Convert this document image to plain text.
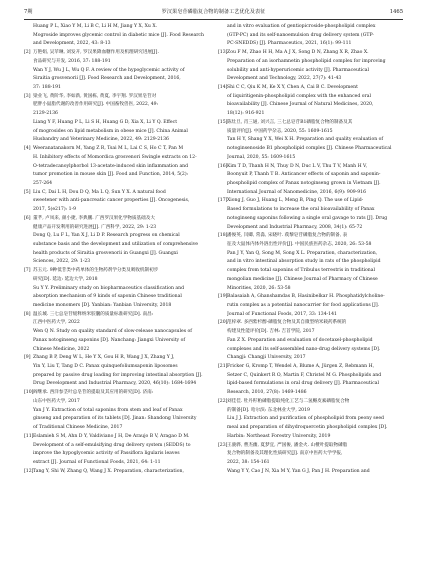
7期	罗汉果皂苷磷脂复合物的制备工艺优化及表征	1465
Huang P L, Xiao Y M, Li B C, Li H M, Jiang Y X, Xu X.
Mogroside improves glycemic control in diabetic mice [J]. Food Research
and Development, 2022, 43: 8-13
[2] 万艳娟, 吴苹琳, 刘发开, 罗汉果降血糖作用及机理研究进展[J].
食品研究与开发, 2016, 37: 188-191
Wan Y J, Wu J L, Wu Q F. A review of the hypoglycemic activity of
Siraitia grosvenorii [J]. Food Research and Development, 2016,
37: 188-191
[3] 梁业飞, 黄阶华, 李如新, 黄国栋, 黄夏, 李宇翔. 罗汉果皂苷对
肥胖小鼠脂代谢的改善作用研究[J]. 中国畜牧兽医, 2022, 49:
2129-2136
Liang Y F, Huang P L, Li S H, Huang G D, Xia X, Li Y Q. Effect
of mogrosides on lipid metabolism in obese mice [J]. China Animal
Husbandry and Veterinary Medicine, 2022, 49: 2129-2136
[4] Weeranatanakorn M, Yang Z R, Tsai M L, Lai C S, Ho C T, Pan M
H. Inhibitory effects of Momordica grosvenori Swingle extracts on 12-
O-tetradecanoylphorbol 13-acetate-induced skin inflammation and
tumor promotion in mouse skin [J]. Food and Function, 2014, 5(2):
257-264
[5] Liu C, Dai L H, Dou D Q, Ma L Q, Sun Y X. A natural food
sweetener with anti-pancreatic cancer properties [J]. Oncogenesis,
2017, 5(e217): 1-9
[6] 董芊, 卢凤来, 颜小捷, 李典鹏. 广西罗汉果化学物质基础及大
健康产品开发利用的研究进展[J]. 广西科学, 2022, 29: 1-23
Dong Q, Lu F L, Yan X J, Li D P. Research progress on chemical
substance basis and the development and utilization of comprehensive
health products of Siraitia grosvenorii in Guangxi [J]. Guangxi
Sciences, 2022, 29: 1-23
[7] 苏玉元. 9种低苷类中药单体的生物药剂学分类及吸收机制初步
研究[D]. 延边: 延边大学, 2018
Su Y Y. Preliminary study on biopharmaceutics classification and
absorption mechanism of 9 kinds of saponin Chinese traditional
medicine monomers [D]. Yanbian: Yanbian University, 2018
[8] 温长城. 三七总皂苷缓释纳米胶囊的质量标准研究[D]. 南昌:
江西中医药大学, 2022
Wen Q N. Study on quality standard of slow-release nanocapsules of
Panax notoginseng saponins [D]. Nanchang: Jiangxi University of
Chinese Medicine, 2022
[9] Zhang B P, Deng W L, He Y X, Gou H R, Wang J X, Zhang Y J,
Yin Y, Liu T, Tang D C. Panax quinquefoliumsaponin liposomes
prepared by passive drug loading for improving intestinal absorption [J].
Drug Development and Industrial Pharmacy, 2020, 46(10): 1684-1694
[10] 阎继承. 西洋参茎叶总皂苷的提取及其应用的研究[D]. 济南:
山东中医药大学, 2017
Yan J Y. Extraction of total saponins from stem and leaf of Panax
ginseng and preparation of its tablets [D]. Jinan: Shandong University
of Traditional Chinese Medicine, 2017
[11] Eslamieh S M, Ahn D Y, Valdiviano J H, De Araujo B V, Aragao D M.
Development of a self-emulsifying drug delivery system (SEDDS) to
improve the hypoglycemic activity of Passiflora ligularis leaves
extract [J]. Journal of Functional Foods, 2021, 64: 1-11
[12] Tang Y, Shi W, Zhang Q, Wang J X. Preparation, characterization,
and in vitro evaluation of gentiopicroside-phospholipid complex
(GTP-PC) and its self-nanoemulsion drug delivery system (GTP-
PC-SNEDDS) [J]. Pharmaceutics, 2021, 16(1): 99-111
[13] Zou F M, Zhao H H, Ma A J X, Song D N, Zhang X R, Zhao X.
Preparation of an isorhamnetin phospholipid complex for improving
solubility and anti-hyperuricemic activity [J]. Pharmaceutical
Development and Technology, 2022, 27(7): 41-43
[14] Shi C C, Qiu K M, Ke X Y, Chen A, Cai B C. Development
of liquiritigenin-phospholipid complex with the enhanced oral
bioavailability [J]. Chinese Journal of Natural Medicines, 2020,
18(12): 916-921
[15] 陈灶旦, 肖三通, 刘兴言, 三七总皂苷B1磷脂复合物的制备及其
质量评价[J]. 中国药学杂志, 2020, 55: 1609-1615
Tan H Y, Shang Y X, Wei X H. Preparation and quality evaluation of
notoginsenoside B1 phospholipid complex [J]. Chinese Pharmaceutical
Journal, 2020, 55: 1609-1615
[16] Kim T D, Thanh H N, Thuy D N, Duc L V, Thu T V, Manh H V,
Boonyuit P, Thanh T B. Anticancer effects of saponin and saponin-
phospholipid complex of Panax notoginseng grown in Vietnam [J].
International Journal of Nanomedicine, 2016, 6(9): 909-916
[17] Xiong J, Guo J, Huang L, Meng B, Ping Q. The use of Lipid-
Based formulations to increase the oral bioavailability of Panax
notoginseng saponins following a single oral gavage to rats [J]. Drug
Development and Industrial Pharmacy, 2008, 34(1): 65-72
[18] 潘俊英, 闫卿, 常淼, 宋晓叶. 蒺藜皂苷磷脂复合物的制备, 表
征及大鼠体内体外溶出性评价[J]. 中国民族医药杂志, 2020, 26: 53-58
Pan J Y, Yan Q, Song M, Song X L. Preparation, characterization,
and in vitro intestinal absorption study in rats of the phospholipid
complex from total saponins of Tribulus terrestris in traditional
mongolian medicine [J]. Chinese Journal of Pharmacy of Chinese
Minorities, 2020, 26: 53-58
[19] Balasaiah A, Ghanshamdas B, Hasinibelkar H. Phosphatidylcholine-
rutin complex as a potential nanocarrier for food applications [J].
Journal of Functional Foods, 2017, 33: 134-141
[20] 范梓翠. 多西紫杉醇-磷脂复合物及其自微型纳米载药系统的
构建及性能评价[D]. 吉林: 吉首学院, 2017
Fan Z X. Preparation and evaluation of docetaxel-phospholipid
complexes and its self-assembled nano-drug delivery systems [D].
Changji: Changji University, 2017
[21] Fricker G, Kromp T, Wendel A, Blume A, Jürgen Z, Rebmann H,
Setzer C, Quinkert R O, Martin F, Christel M G. Phospholipids and
lipid-based formulations in oral drug delivery [J]. Pharmaceutical
Research, 2010, 27(8): 1469-1486
[22] 刘佳佳. 牡丹籽粕磷脂提取纯化工艺与二氢槲皮素磷脂复合物
的制备[D]. 哈尔滨: 东北林业大学, 2019
Liu J J. Extraction and purification of phospholipid from peony seed
meal and preparation of dihydroquercetin phospholipid complex [D].
Harbin: Northeast Forestry University, 2019
[23] 王骏骅, 曹杰幽, 夏梦宜, 严国俊, 潘金火. 山楂叶提取物磷脂
复合物的制备及其理化性质研究[J]. 南京中医药大学学报,
2022, 38: 154-161
Wang Y Y, Cao J N, Xia M Y, Yan G J, Pan J H. Preparation and
